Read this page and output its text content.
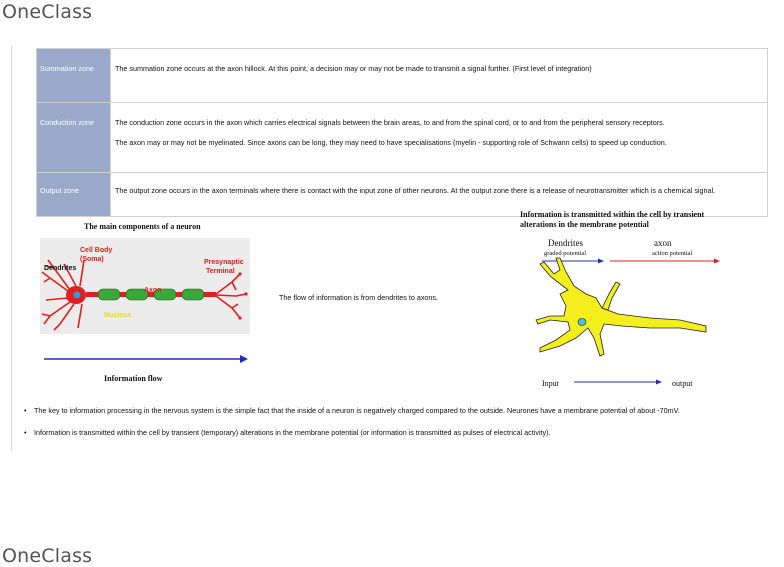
OneClass
Summation zone	The summation zone occurs at the axon hillock. At this point, a decision may or may not be made to transmit a signal further. (First level of integration)

Conduction zone	The conduction zone occurs in the axon which carries electrical signals between the brain areas, to and from the spinal cord, or to and from the peripheral sensory receptors.

The axon may or may not be myelinated. Since axons can be long, they may need to have specialisations (myelin - supporting role of Schwann cells) to speed up conduction.

Output zone	The output zone occurs in the axon terminals where there is contact with the input zone of other neurons. At the output zone there is a release of neurotransmitter which is a chemical signal.

The main components of a neuron
Cell Body
(Soma)
Dendrites
Axon
Presynaptic
Terminal
Nucleus
Information flow
The flow of information is from dendrites to axons.
Information is transmitted within the cell by transient
alterations in the membrane potential
Dendrites
graded potential
axon
action potential
Input	output
• The key to information processing in the nervous system is the simple fact that the inside of a neuron is negatively charged compared to the outside. Neurones have a membrane potential of about -70mV.
• Information is transmitted within the cell by transient (temporary) alterations in the membrane potential (or information is transmitted as pulses of electrical activity).
OneClass
